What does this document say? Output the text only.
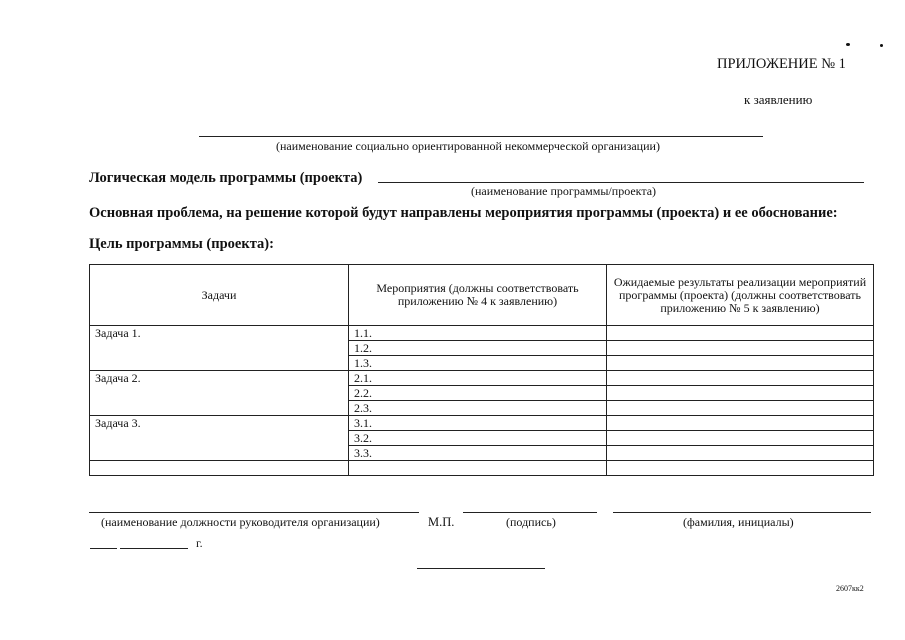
ПРИЛОЖЕНИЕ № 1
к заявлению
(наименование социально ориентированной некоммерческой организации)
Логическая модель программы (проекта)
(наименование программы/проекта)
Основная проблема, на решение которой будут направлены мероприятия программы (проекта) и ее обоснование:
Цель программы (проекта):
Задачи	Мероприятия (должны соответствовать приложению № 4 к заявлению)	Ожидаемые результаты реализации мероприятий программы (проекта) (должны соответствовать приложению № 5 к заявлению)
Задача 1.	1.1.	
	1.2.	
	1.3.	
Задача 2.	2.1.	
	2.2.	
	2.3.	
Задача 3.	3.1.	
	3.2.	
	3.3.	

(наименование должности руководителя организации)	М.П.	(подпись)	(фамилия, инициалы)
г.
2607кк2
